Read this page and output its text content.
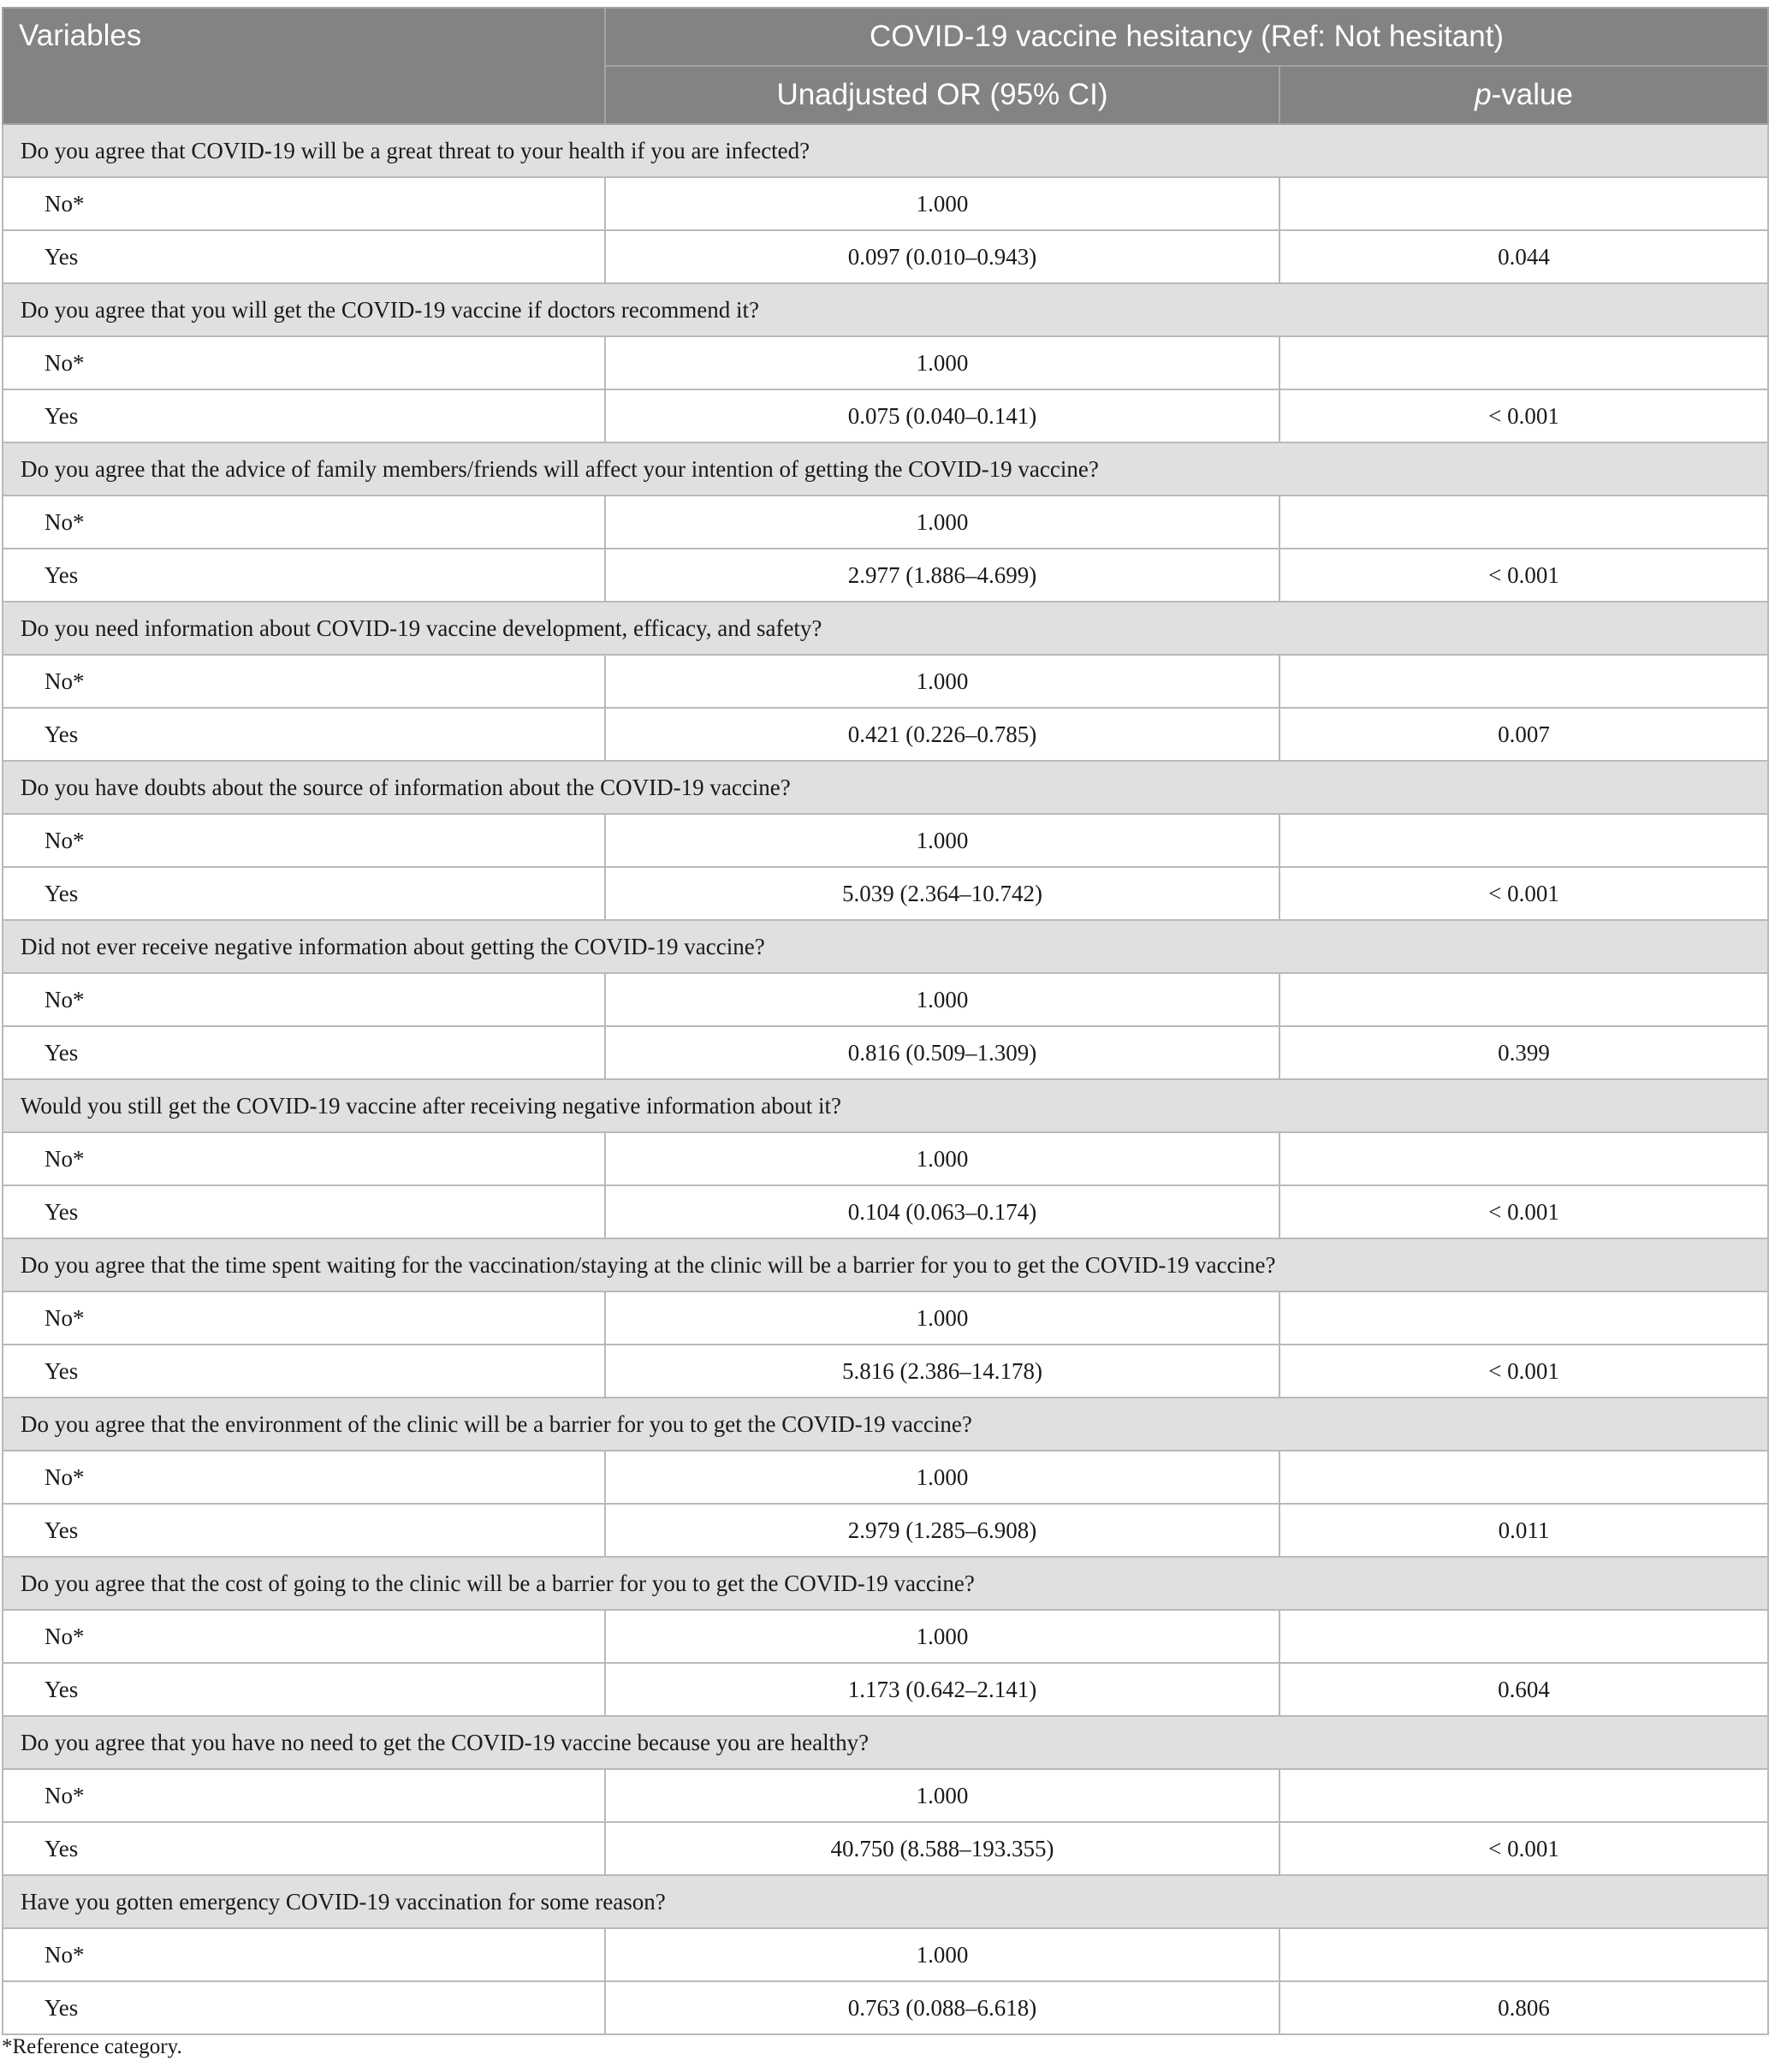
Variables	COVID-19 vaccine hesitancy (Ref: Not hesitant)	
	Unadjusted OR (95% CI)	p-value
Do you agree that COVID-19 will be a great threat to your health if you are infected?		
No*	1.000	
Yes	0.097 (0.010–0.943)	0.044
Do you agree that you will get the COVID-19 vaccine if doctors recommend it?		
No*	1.000	
Yes	0.075 (0.040–0.141)	< 0.001
Do you agree that the advice of family members/friends will affect your intention of getting the COVID-19 vaccine?		
No*	1.000	
Yes	2.977 (1.886–4.699)	< 0.001
Do you need information about COVID-19 vaccine development, efficacy, and safety?		
No*	1.000	
Yes	0.421 (0.226–0.785)	0.007
Do you have doubts about the source of information about the COVID-19 vaccine?		
No*	1.000	
Yes	5.039 (2.364–10.742)	< 0.001
Did not ever receive negative information about getting the COVID-19 vaccine?		
No*	1.000	
Yes	0.816 (0.509–1.309)	0.399
Would you still get the COVID-19 vaccine after receiving negative information about it?		
No*	1.000	
Yes	0.104 (0.063–0.174)	< 0.001
Do you agree that the time spent waiting for the vaccination/staying at the clinic will be a barrier for you to get the COVID-19 vaccine?		
No*	1.000	
Yes	5.816 (2.386–14.178)	< 0.001
Do you agree that the environment of the clinic will be a barrier for you to get the COVID-19 vaccine?		
No*	1.000	
Yes	2.979 (1.285–6.908)	0.011
Do you agree that the cost of going to the clinic will be a barrier for you to get the COVID-19 vaccine?		
No*	1.000	
Yes	1.173 (0.642–2.141)	0.604
Do you agree that you have no need to get the COVID-19 vaccine because you are healthy?		
No*	1.000	
Yes	40.750 (8.588–193.355)	< 0.001
Have you gotten emergency COVID-19 vaccination for some reason?		
No*	1.000	
Yes	0.763 (0.088–6.618)	0.806
*Reference category.
